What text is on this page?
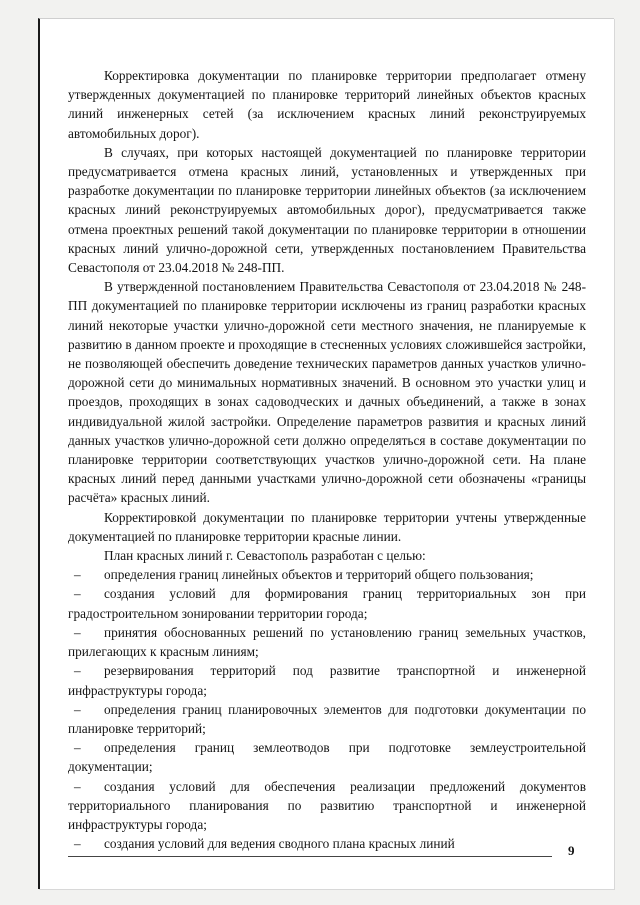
Корректировка документации по планировке территории предполагает отмену утвержденных документацией по планировке территорий линейных объектов красных линий инженерных сетей (за исключением красных линий реконструируемых автомобильных дорог).

В случаях, при которых настоящей документацией по планировке территории предусматривается отмена красных линий, установленных и утвержденных при разработке документации по планировке территории линейных объектов (за исключением красных линий реконструируемых автомобильных дорог), предусматривается также отмена проектных решений такой документации по планировке территории в отношении красных линий улично-дорожной сети, утвержденных постановлением Правительства Севастополя от 23.04.2018 № 248-ПП.

В утвержденной постановлением Правительства Севастополя от 23.04.2018 № 248-ПП документацией по планировке территории исключены из границ разработки красных линий некоторые участки улично-дорожной сети местного значения, не планируемые к развитию в данном проекте и проходящие в стесненных условиях сложившейся застройки, не позволяющей обеспечить доведение технических параметров данных участков улично-дорожной сети до минимальных нормативных значений. В основном это участки улиц и проездов, проходящих в зонах садоводческих и дачных объединений, а также в зонах индивидуальной жилой застройки. Определение параметров развития и красных линий данных участков улично-дорожной сети должно определяться в составе документации по планировке территории соответствующих участков улично-дорожной сети. На плане красных линий перед данными участками улично-дорожной сети обозначены «границы расчёта» красных линий.

Корректировкой документации по планировке территории учтены утвержденные документацией по планировке территории красные линии.

План красных линий г. Севастополь разработан с целью:

– определения границ линейных объектов и территорий общего пользования;

– создания условий для формирования границ территориальных зон при градостроительном зонировании территории города;

– принятия обоснованных решений по установлению границ земельных участков, прилегающих к красным линиям;

– резервирования территорий под развитие транспортной и инженерной инфраструктуры города;

– определения границ планировочных элементов для подготовки документации по планировке территорий;

– определения границ землеотводов при подготовке землеустроительной документации;

– создания условий для обеспечения реализации предложений документов территориального планирования по развитию транспортной и инженерной инфраструктуры города;

– создания условий для ведения сводного плана красных линий	9
